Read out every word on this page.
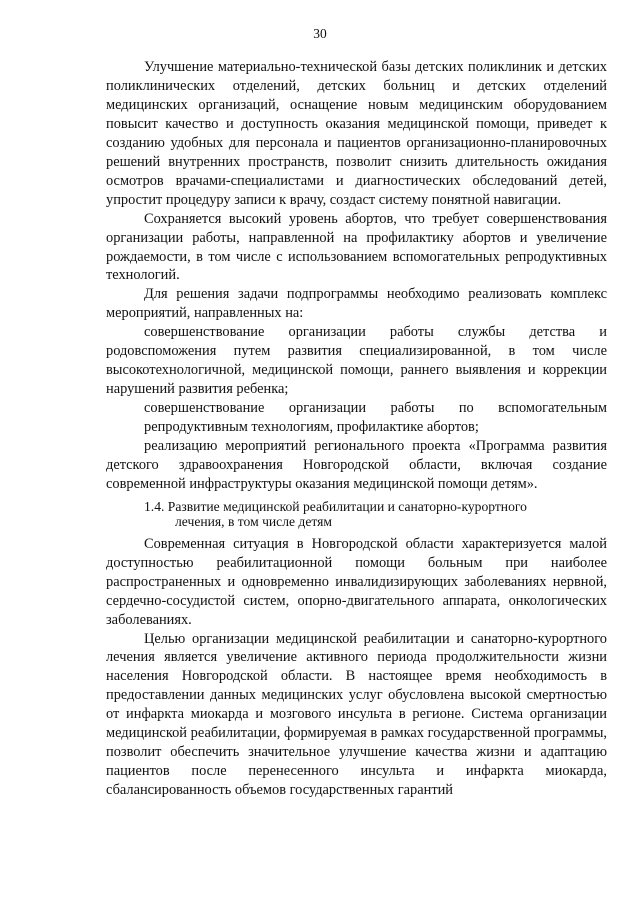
30

Улучшение материально-технической базы детских поликлиник и детских поликлинических отделений, детских больниц и детских отделений медицинских организаций, оснащение новым медицинским оборудованием повысит качество и доступность оказания медицинской помощи, приведет к созданию удобных для персонала и пациентов организационно-планировочных решений внутренних пространств, позволит снизить длительность ожидания осмотров врачами-специалистами и диагностических обследований детей, упростит процедуру записи к врачу, создаст систему понятной навигации.

Сохраняется высокий уровень абортов, что требует совершенствования организации работы, направленной на профилактику абортов и увеличение рождаемости, в том числе с использованием вспомогательных репродуктивных технологий.

Для решения задачи подпрограммы необходимо реализовать комплекс мероприятий, направленных на:

совершенствование организации работы службы детства и родовспоможения путем развития специализированной, в том числе высокотехнологичной, медицинской помощи, раннего выявления и коррекции нарушений развития ребенка;

совершенствование организации работы по вспомогательным репродуктивным технологиям, профилактике абортов;

реализацию мероприятий регионального проекта «Программа развития детского здравоохранения Новгородской области, включая создание современной инфраструктуры оказания медицинской помощи детям».

1.4. Развитие медицинской реабилитации и санаторно-курортного
лечения, в том числе детям

Современная ситуация в Новгородской области характеризуется малой доступностью реабилитационной помощи больным при наиболее распространенных и одновременно инвалидизирующих заболеваниях нервной, сердечно-сосудистой систем, опорно-двигательного аппарата, онкологических заболеваниях.

Целью организации медицинской реабилитации и санаторно-курортного лечения является увеличение активного периода продолжительности жизни населения Новгородской области. В настоящее время необходимость в предоставлении данных медицинских услуг обусловлена высокой смертностью от инфаркта миокарда и мозгового инсульта в регионе. Система организации медицинской реабилитации, формируемая в рамках государственной программы, позволит обеспечить значительное улучшение качества жизни и адаптацию пациентов после перенесенного инсульта и инфаркта миокарда, сбалансированность объемов государственных гарантий
